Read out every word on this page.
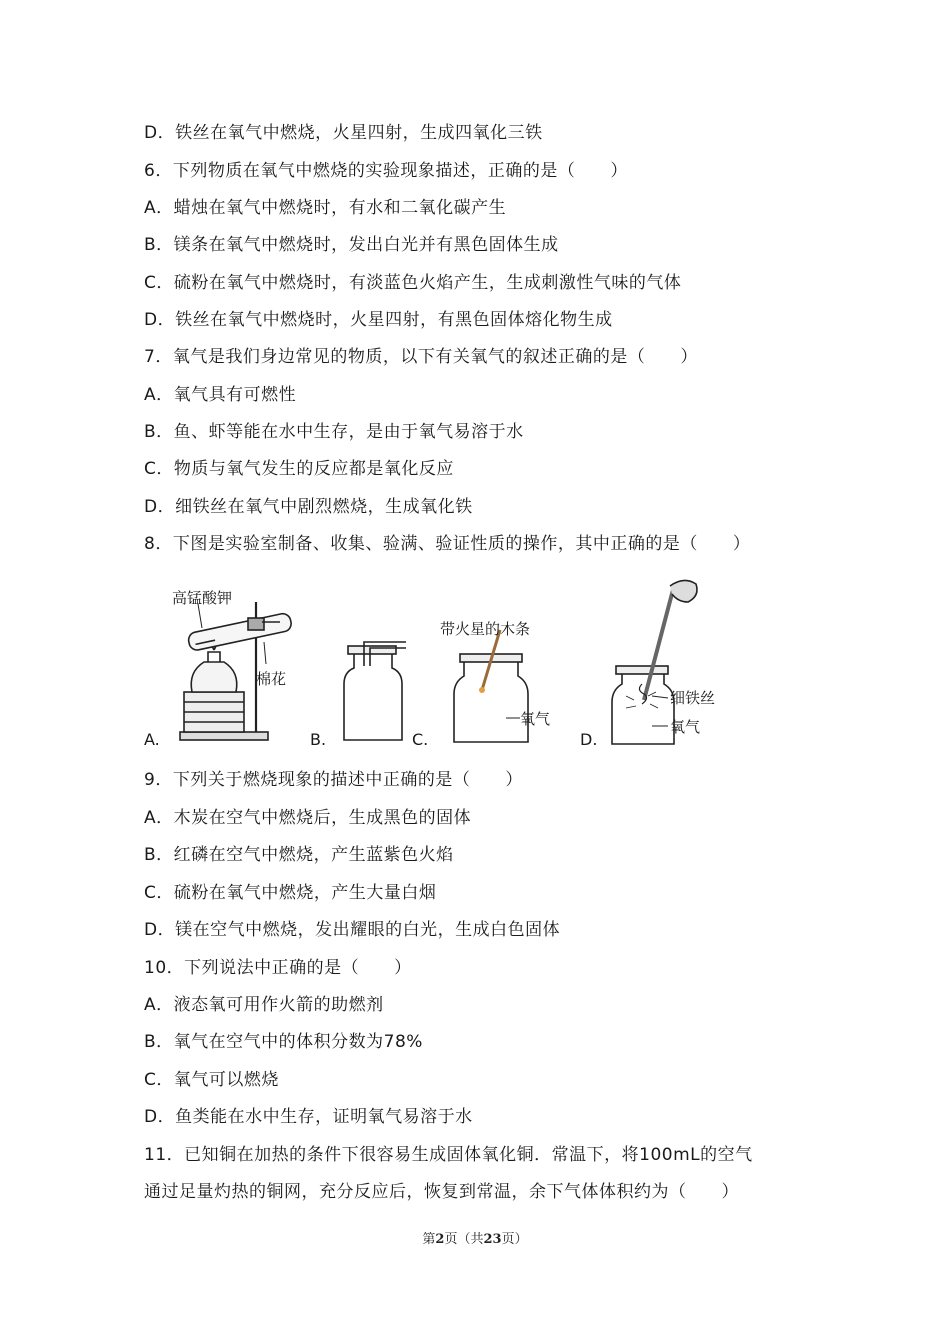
D．铁丝在氧气中燃烧，火星四射，生成四氧化三铁
6．下列物质在氧气中燃烧的实验现象描述，正确的是（　　）
A．蜡烛在氧气中燃烧时，有水和二氧化碳产生
B．镁条在氧气中燃烧时，发出白光并有黑色固体生成
C．硫粉在氧气中燃烧时，有淡蓝色火焰产生，生成刺激性气味的气体
D．铁丝在氧气中燃烧时，火星四射，有黑色固体熔化物生成
7．氧气是我们身边常见的物质，以下有关氧气的叙述正确的是（　　）
A．氧气具有可燃性
B．鱼、虾等能在水中生存，是由于氧气易溶于水
C．物质与氧气发生的反应都是氧化反应
D．细铁丝在氧气中剧烈燃烧，生成氧化铁
8．下图是实验室制备、收集、验满、验证性质的操作，其中正确的是（　　）
高锰酸钾
棉花
带火星的木条
氧气
细铁丝
氧气
A.	B.	C.	D.
9．下列关于燃烧现象的描述中正确的是（　　）
A．木炭在空气中燃烧后，生成黑色的固体
B．红磷在空气中燃烧，产生蓝紫色火焰
C．硫粉在氧气中燃烧，产生大量白烟
D．镁在空气中燃烧，发出耀眼的白光，生成白色固体
10．下列说法中正确的是（　　）
A．液态氧可用作火箭的助燃剂
B．氧气在空气中的体积分数为78%
C．氧气可以燃烧
D．鱼类能在水中生存，证明氧气易溶于水
11．已知铜在加热的条件下很容易生成固体氧化铜．常温下，将100mL的空气
通过足量灼热的铜网，充分反应后，恢复到常温，余下气体体积约为（　　）
第2页（共23页）
